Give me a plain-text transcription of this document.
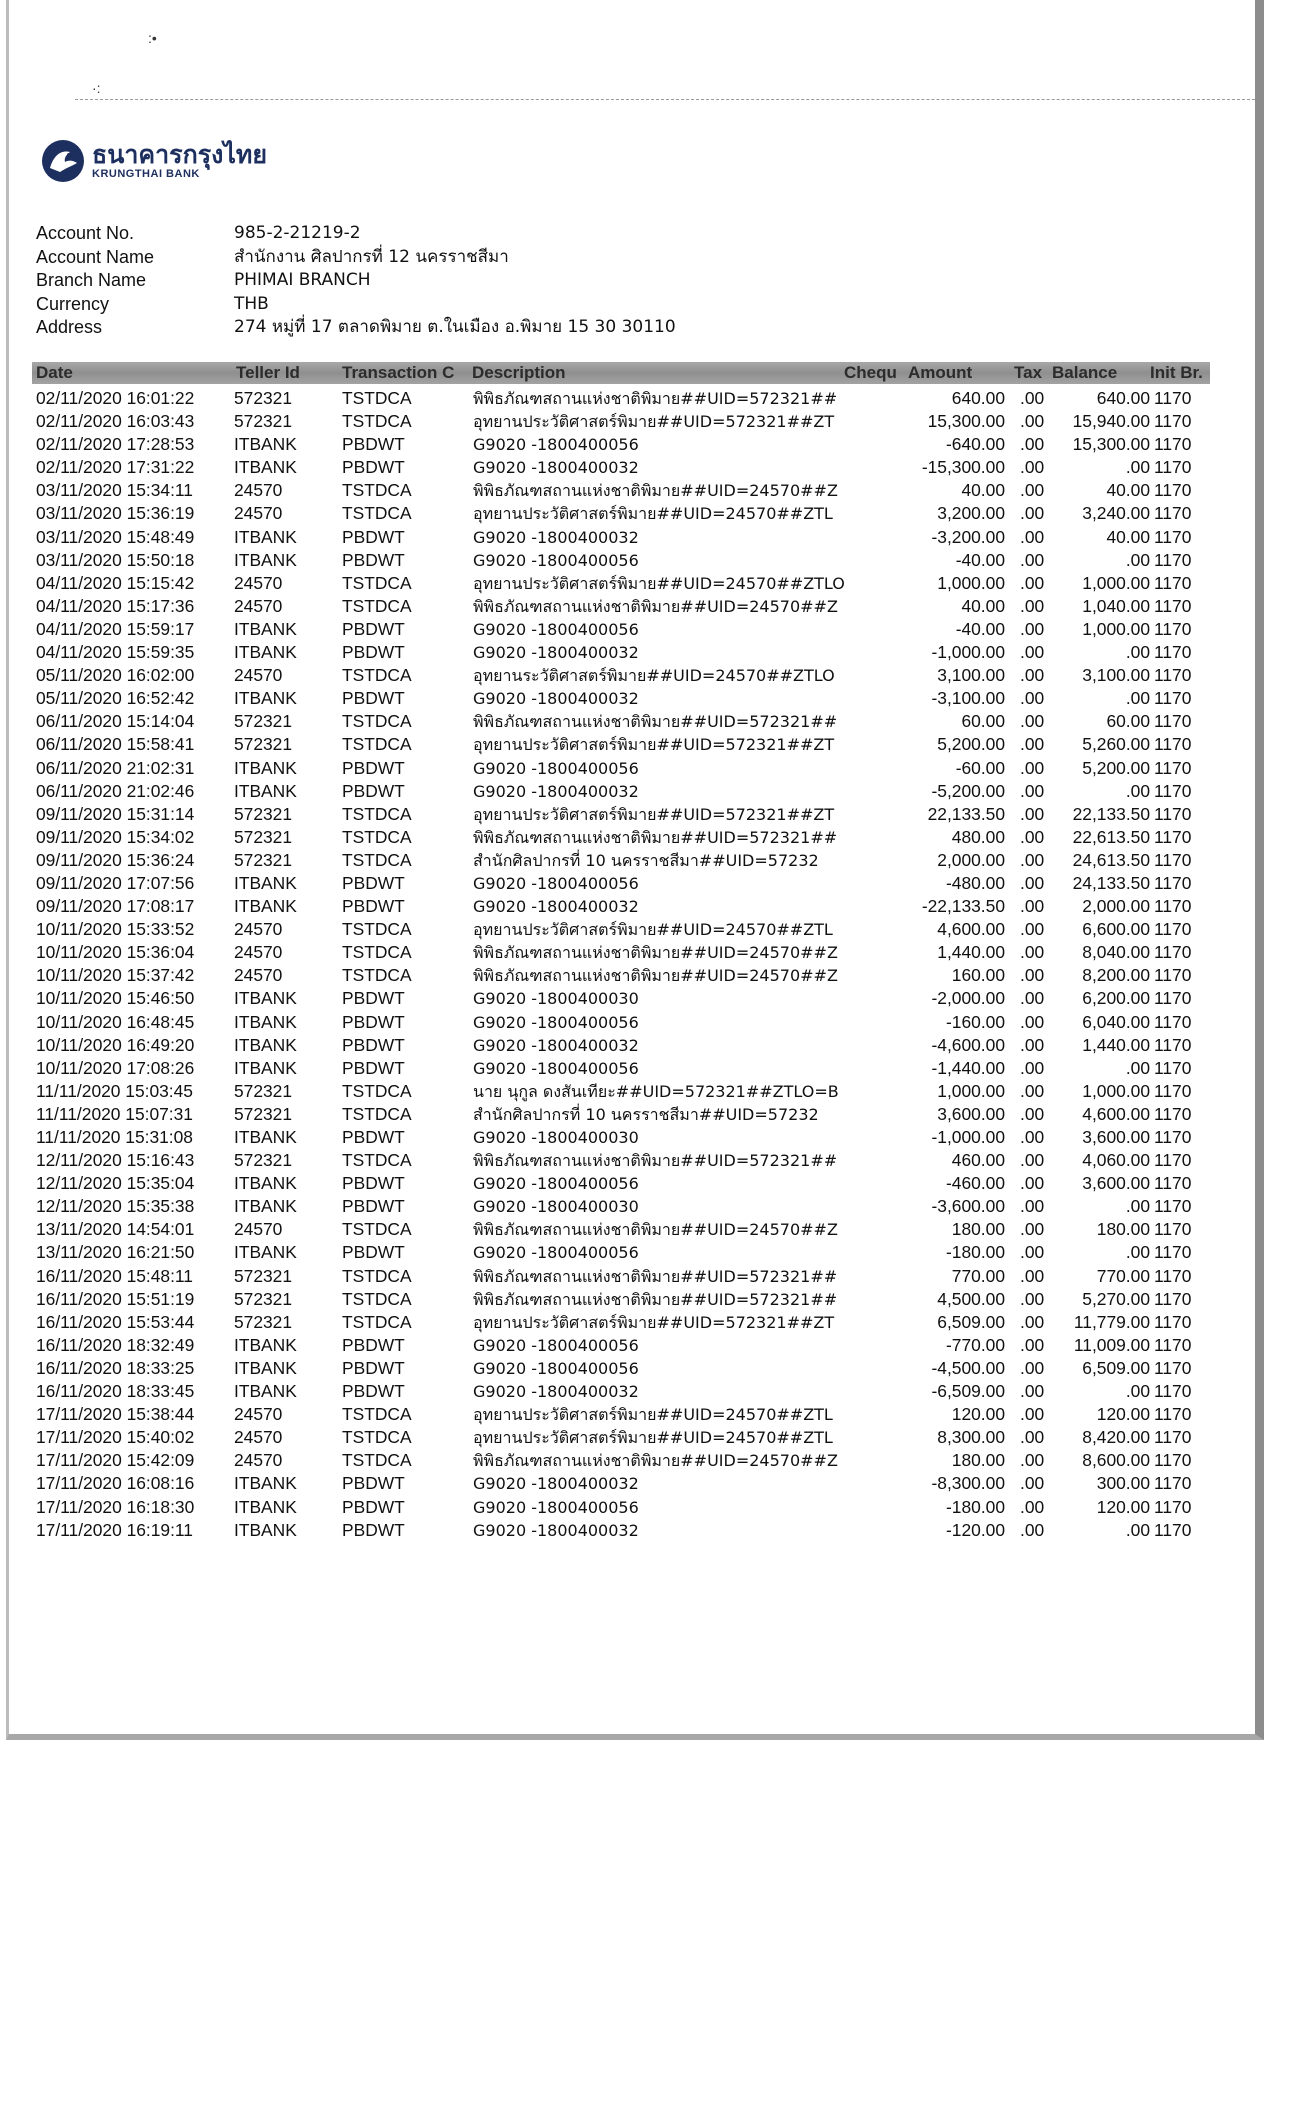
:•
·:
ธนาคารกรุงไทย
KRUNGTHAI BANK
Account No.	985-2-21219-2
Account Name	สำนักงาน ศิลปากรที่ 12 นครราชสีมา
Branch Name	PHIMAI BRANCH
Currency	THB
Address	274 หมู่ที่ 17 ตลาดพิมาย ต.ในเมือง อ.พิมาย 15 30 30110
Date	Teller Id Transaction C Description	Chequ Amount Tax Balance Init Br.
02/11/2020 16:01:22 572321	TSTDCA	พิพิธภัณฑสถานแห่งชาติพิมาย##UID=572321##	640.00 .00	640.00 1170
02/11/2020 16:03:43 572321	TSTDCA	อุทยานประวัติศาสตร์พิมาย##UID=572321##ZT	15,300.00 .00 15,940.00 1170
02/11/2020 17:28:53 ITBANK	PBDWT	G9020 -1800400056	-640.00 .00 15,300.00 1170
02/11/2020 17:31:22 ITBANK	PBDWT	G9020 -1800400032	-15,300.00 .00	.00 1170
03/11/2020 15:34:11 24570	TSTDCA	พิพิธภัณฑสถานแห่งชาติพิมาย##UID=24570##Z	40.00 .00	40.00 1170
03/11/2020 15:36:19 24570	TSTDCA	อุทยานประวัติศาสตร์พิมาย##UID=24570##ZTL	3,200.00 .00 3,240.00 1170
03/11/2020 15:48:49 ITBANK	PBDWT	G9020 -1800400032	-3,200.00 .00	40.00 1170
03/11/2020 15:50:18 ITBANK	PBDWT	G9020 -1800400056	-40.00 .00	.00 1170
04/11/2020 15:15:42 24570	TSTDCA	อุทยานประวัติศาสตร์พิมาย##UID=24570##ZTLO	1,000.00 .00 1,000.00 1170
04/11/2020 15:17:36 24570	TSTDCA	พิพิธภัณฑสถานแห่งชาติพิมาย##UID=24570##Z	40.00 .00 1,040.00 1170
04/11/2020 15:59:17 ITBANK	PBDWT	G9020 -1800400056	-40.00 .00 1,000.00 1170
04/11/2020 15:59:35 ITBANK	PBDWT	G9020 -1800400032	-1,000.00 .00	.00 1170
05/11/2020 16:02:00 24570	TSTDCA	อุทยานระวัติศาสตร์พิมาย##UID=24570##ZTLO	3,100.00 .00 3,100.00 1170
05/11/2020 16:52:42 ITBANK	PBDWT	G9020 -1800400032	-3,100.00 .00	.00 1170
06/11/2020 15:14:04 572321	TSTDCA	พิพิธภัณฑสถานแห่งชาติพิมาย##UID=572321##	60.00 .00	60.00 1170
06/11/2020 15:58:41 572321	TSTDCA	อุทยานประวัติศาสตร์พิมาย##UID=572321##ZT	5,200.00 .00 5,260.00 1170
06/11/2020 21:02:31 ITBANK	PBDWT	G9020 -1800400056	-60.00 .00 5,200.00 1170
06/11/2020 21:02:46 ITBANK	PBDWT	G9020 -1800400032	-5,200.00 .00	.00 1170
09/11/2020 15:31:14 572321	TSTDCA	อุทยานประวัติศาสตร์พิมาย##UID=572321##ZT	22,133.50 .00 22,133.50 1170
09/11/2020 15:34:02 572321	TSTDCA	พิพิธภัณฑสถานแห่งชาติพิมาย##UID=572321##	480.00 .00 22,613.50 1170
09/11/2020 15:36:24 572321	TSTDCA	สำนักศิลปากรที่ 10 นครราชสีมา##UID=57232	2,000.00 .00 24,613.50 1170
09/11/2020 17:07:56 ITBANK	PBDWT	G9020 -1800400056	-480.00 .00 24,133.50 1170
09/11/2020 17:08:17 ITBANK	PBDWT	G9020 -1800400032	-22,133.50 .00 2,000.00 1170
10/11/2020 15:33:52 24570	TSTDCA	อุทยานประวัติศาสตร์พิมาย##UID=24570##ZTL	4,600.00 .00 6,600.00 1170
10/11/2020 15:36:04 24570	TSTDCA	พิพิธภัณฑสถานแห่งชาติพิมาย##UID=24570##Z	1,440.00 .00 8,040.00 1170
10/11/2020 15:37:42 24570	TSTDCA	พิพิธภัณฑสถานแห่งชาติพิมาย##UID=24570##Z	160.00 .00 8,200.00 1170
10/11/2020 15:46:50 ITBANK	PBDWT	G9020 -1800400030	-2,000.00 .00 6,200.00 1170
10/11/2020 16:48:45 ITBANK	PBDWT	G9020 -1800400056	-160.00 .00 6,040.00 1170
10/11/2020 16:49:20 ITBANK	PBDWT	G9020 -1800400032	-4,600.00 .00 1,440.00 1170
10/11/2020 17:08:26 ITBANK	PBDWT	G9020 -1800400056	-1,440.00 .00	.00 1170
11/11/2020 15:03:45 572321	TSTDCA	นาย นุกูล ดงสันเทียะ##UID=572321##ZTLO=B	1,000.00 .00 1,000.00 1170
11/11/2020 15:07:31 572321	TSTDCA	สำนักศิลปากรที่ 10 นครราชสีมา##UID=57232	3,600.00 .00 4,600.00 1170
11/11/2020 15:31:08 ITBANK	PBDWT	G9020 -1800400030	-1,000.00 .00 3,600.00 1170
12/11/2020 15:16:43 572321	TSTDCA	พิพิธภัณฑสถานแห่งชาติพิมาย##UID=572321##	460.00 .00 4,060.00 1170
12/11/2020 15:35:04 ITBANK	PBDWT	G9020 -1800400056	-460.00 .00 3,600.00 1170
12/11/2020 15:35:38 ITBANK	PBDWT	G9020 -1800400030	-3,600.00 .00	.00 1170
13/11/2020 14:54:01 24570	TSTDCA	พิพิธภัณฑสถานแห่งชาติพิมาย##UID=24570##Z	180.00 .00	180.00 1170
13/11/2020 16:21:50 ITBANK	PBDWT	G9020 -1800400056	-180.00 .00	.00 1170
16/11/2020 15:48:11 572321	TSTDCA	พิพิธภัณฑสถานแห่งชาติพิมาย##UID=572321##	770.00 .00	770.00 1170
16/11/2020 15:51:19 572321	TSTDCA	พิพิธภัณฑสถานแห่งชาติพิมาย##UID=572321##	4,500.00 .00 5,270.00 1170
16/11/2020 15:53:44 572321	TSTDCA	อุทยานประวัติศาสตร์พิมาย##UID=572321##ZT	6,509.00 .00 11,779.00 1170
16/11/2020 18:32:49 ITBANK	PBDWT	G9020 -1800400056	-770.00 .00 11,009.00 1170
16/11/2020 18:33:25 ITBANK	PBDWT	G9020 -1800400056	-4,500.00 .00 6,509.00 1170
16/11/2020 18:33:45 ITBANK	PBDWT	G9020 -1800400032	-6,509.00 .00	.00 1170
17/11/2020 15:38:44 24570	TSTDCA	อุทยานประวัติศาสตร์พิมาย##UID=24570##ZTL	120.00 .00	120.00 1170
17/11/2020 15:40:02 24570	TSTDCA	อุทยานประวัติศาสตร์พิมาย##UID=24570##ZTL	8,300.00 .00 8,420.00 1170
17/11/2020 15:42:09 24570	TSTDCA	พิพิธภัณฑสถานแห่งชาติพิมาย##UID=24570##Z	180.00 .00 8,600.00 1170
17/11/2020 16:08:16 ITBANK	PBDWT	G9020 -1800400032	-8,300.00 .00	300.00 1170
17/11/2020 16:18:30 ITBANK	PBDWT	G9020 -1800400056	-180.00 .00	120.00 1170
17/11/2020 16:19:11 ITBANK	PBDWT	G9020 -1800400032	-120.00 .00	.00 1170
